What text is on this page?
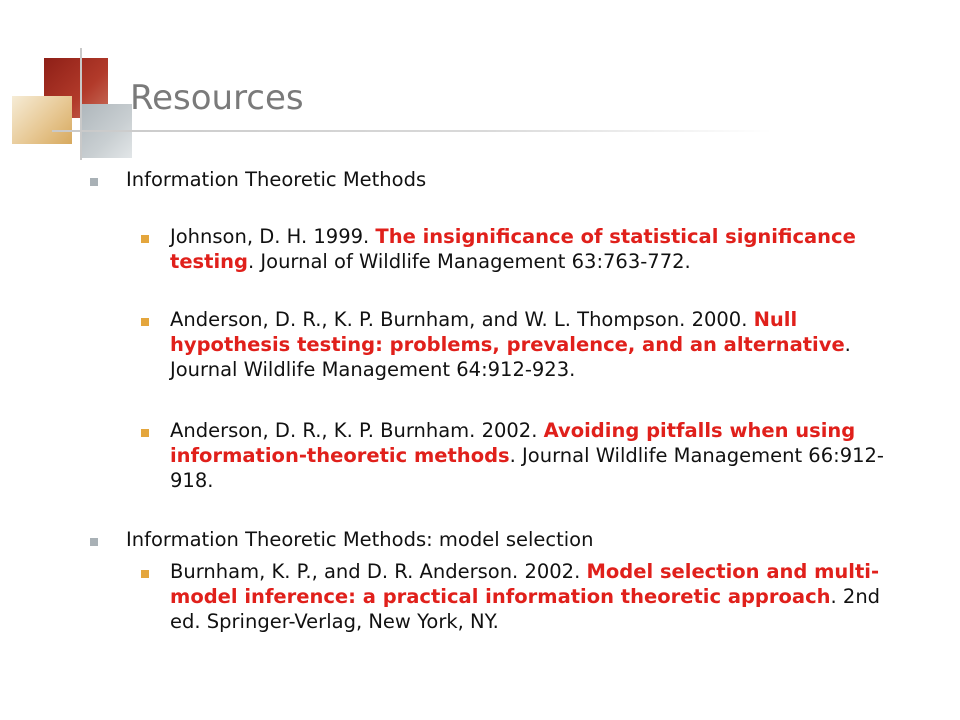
Resources
Information Theoretic Methods
Johnson, D. H. 1999. The insignificance of statistical significance testing. Journal of Wildlife Management 63:763-772.
Anderson, D. R., K. P. Burnham, and W. L. Thompson. 2000. Null hypothesis testing: problems, prevalence, and an alternative. Journal Wildlife Management 64:912-923.
Anderson, D. R., K. P. Burnham. 2002. Avoiding pitfalls when using information-theoretic methods. Journal Wildlife Management 66:912-918.
Information Theoretic Methods: model selection
Burnham, K. P., and D. R. Anderson. 2002. Model selection and multi-model inference: a practical information theoretic approach. 2nd ed. Springer-Verlag, New York, NY.
